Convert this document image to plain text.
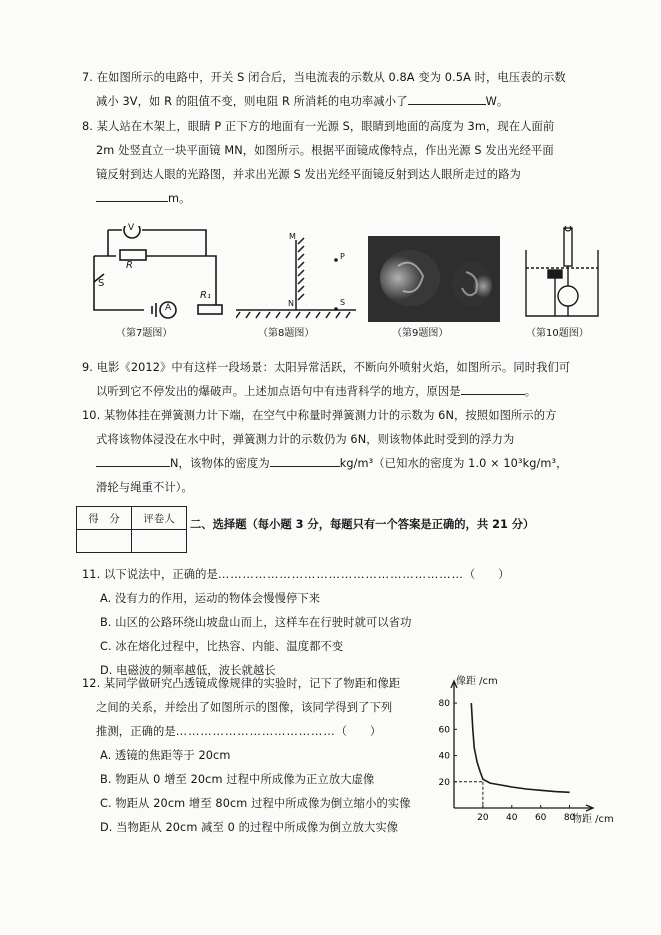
7. 在如图所示的电路中，开关 S 闭合后，当电流表的示数从 0.8A 变为 0.5A 时，电压表的示数

减小 3V，如 R 的阻值不变，则电阻 R 所消耗的电功率减小了	W。

8. 某人站在木架上，眼睛 P 正下方的地面有一光源 S，眼睛到地面的高度为 3m，现在人面前

2m 处竖直立一块平面镜 MN，如图所示。根据平面镜成像特点，作出光源 S 发出光经平面

镜反射到达人眼的光路图，并求出光源 S 发出光经平面镜反射到达人眼所走过的路为

m。

V
A
R
R₁
S
（第7题图）
M
N
P
S
（第8题图）	（第9题图）	（第10题图）

9. 电影《2012》中有这样一段场景：太阳异常活跃，不断向外喷射火焰，如图所示。同时我们可

以听到它不停发出的爆破声。上述加点语句中有违背科学的地方，原因是	。

10. 某物体挂在弹簧测力计下端，在空气中称量时弹簧测力计的示数为 6N，按照如图所示的方

式将该物体浸没在水中时，弹簧测力计的示数仍为 6N，则该物体此时受到的浮力为

N，该物体的密度为	kg/m³（已知水的密度为 1.0 × 10³kg/m³，

滑轮与绳重不计）。

得　分	评卷人
	二、选择题（每小题 3 分，每题只有一个答案是正确的，共 21 分）

11. 以下说法中，正确的是……………………………………………………（　　）

A. 没有力的作用，运动的物体会慢慢停下来

B. 山区的公路环绕山坡盘山而上，这样车在行驶时就可以省功

C. 冰在熔化过程中，比热容、内能、温度都不变

D. 电磁波的频率越低，波长就越长

12. 某同学做研究凸透镜成像规律的实验时，记下了物距和像距

之间的关系，并绘出了如图所示的图像，该同学得到了下列

推测，正确的是…………………………………（　　）

A. 透镜的焦距等于 20cm

B. 物距从 0 增至 20cm 过程中所成像为正立放大虚像

C. 物距从 20cm 增至 80cm 过程中所成像为倒立缩小的实像

D. 当物距从 20cm 减至 0 的过程中所成像为倒立放大实像

20 40 60 80
20
40
60
80
像距 /cm
物距 /cm
